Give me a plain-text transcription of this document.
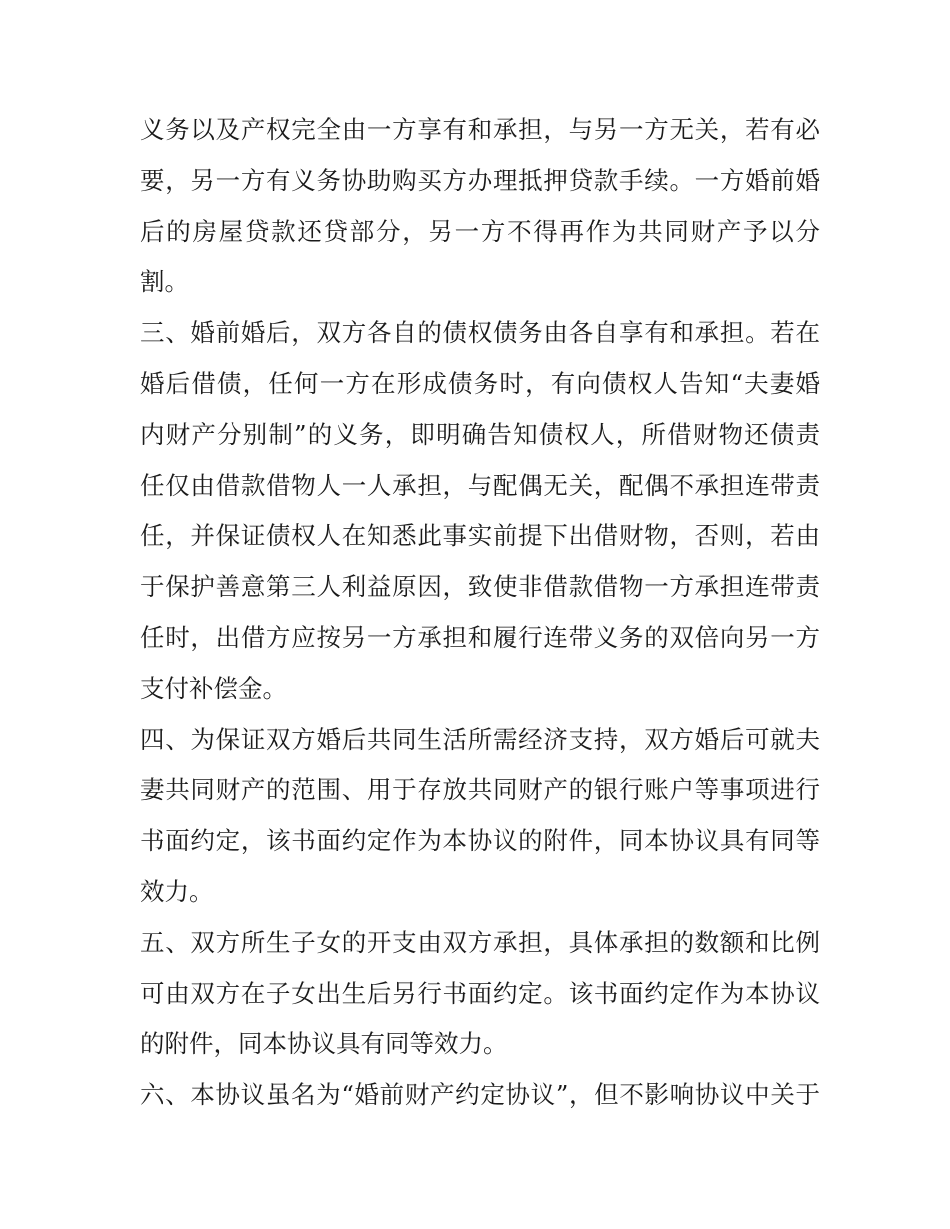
义务以及产权完全由一方享有和承担，与另一方无关，若有必
要，另一方有义务协助购买方办理抵押贷款手续。一方婚前婚
后的房屋贷款还贷部分，另一方不得再作为共同财产予以分
割。
三、婚前婚后，双方各自的债权债务由各自享有和承担。若在
婚后借债，任何一方在形成债务时，有向债权人告知“夫妻婚
内财产分别制”的义务，即明确告知债权人，所借财物还债责
任仅由借款借物人一人承担，与配偶无关，配偶不承担连带责
任，并保证债权人在知悉此事实前提下出借财物，否则，若由
于保护善意第三人利益原因，致使非借款借物一方承担连带责
任时，出借方应按另一方承担和履行连带义务的双倍向另一方
支付补偿金。
四、为保证双方婚后共同生活所需经济支持，双方婚后可就夫
妻共同财产的范围、用于存放共同财产的银行账户等事项进行
书面约定，该书面约定作为本协议的附件，同本协议具有同等
效力。
五、双方所生子女的开支由双方承担，具体承担的数额和比例
可由双方在子女出生后另行书面约定。该书面约定作为本协议
的附件，同本协议具有同等效力。
六、本协议虽名为“婚前财产约定协议”，但不影响协议中关于
